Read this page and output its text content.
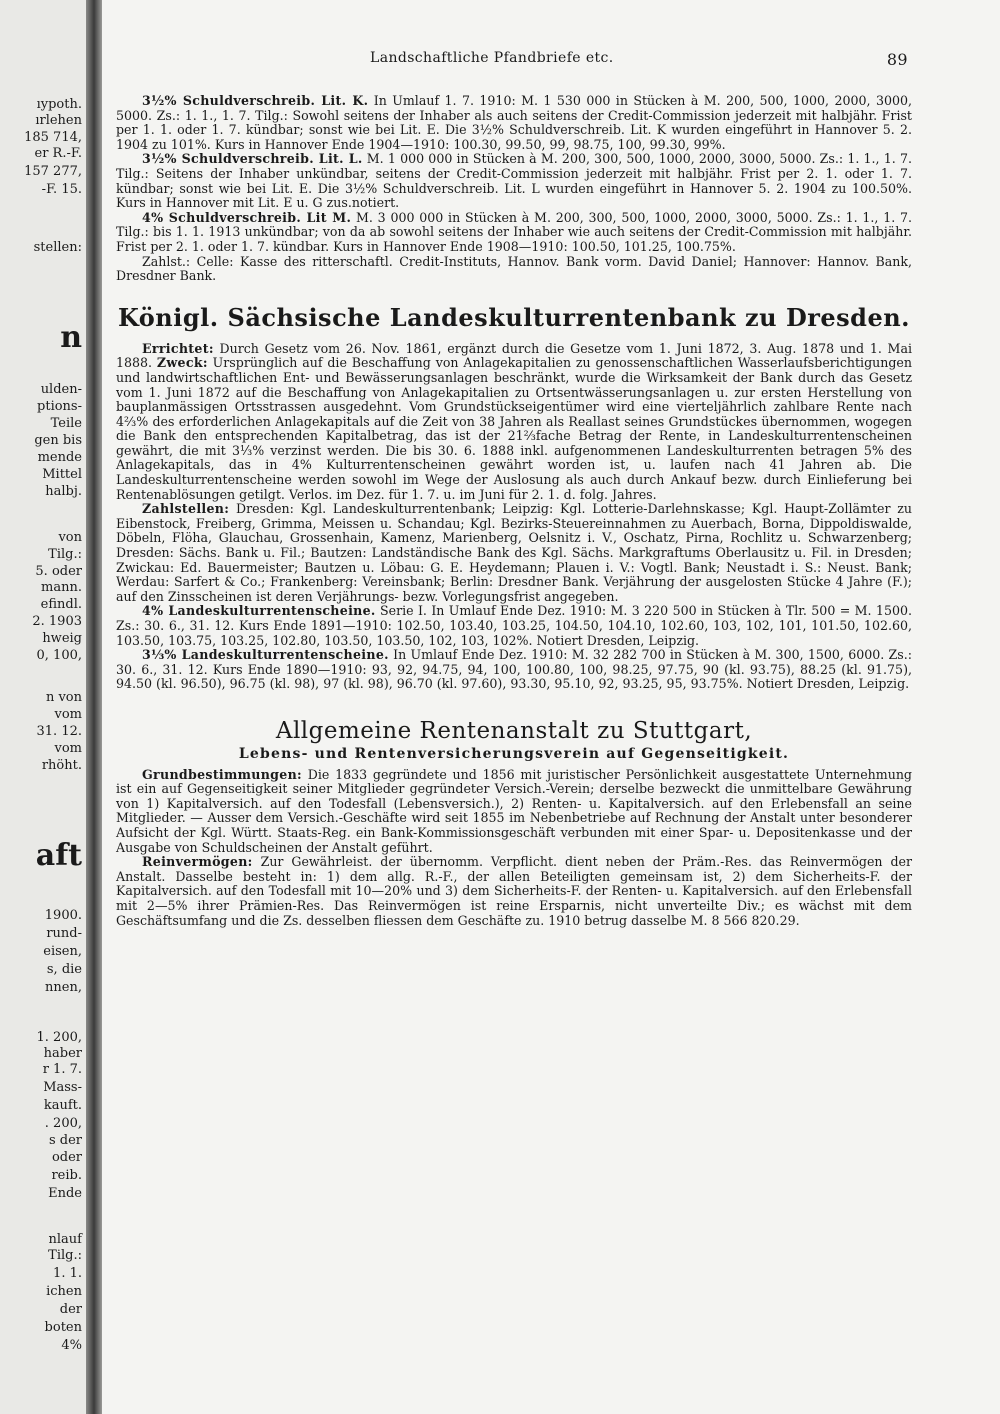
ıypoth.
ırlehen
185 714,
er R.-F.
157 277,
-F. 15.
stellen:
n
ulden-
ptions-
Teile
gen bis
mende
Mittel
halbj.
von
Tilg.:
5. oder
mann.
efindl.
2. 1903
hweig
0, 100,
n von
vom
31. 12.
vom
rhöht.
aft
1900.
rund-
eisen,
s, die
nnen,
1. 200,
haber
r 1. 7.
Mass-
kauft.
. 200,
s der
oder
reib.
Ende
nlauf
Tilg.:
1. 1.
ichen
der
boten
4%
Landschaftliche Pfandbriefe etc.	89

3½% Schuldverschreib. Lit. K. In Umlauf 1. 7. 1910: M. 1 530 000 in Stücken à M. 200, 500, 1000, 2000, 3000, 5000. Zs.: 1. 1., 1. 7. Tilg.: Sowohl seitens der Inhaber als auch seitens der Credit-Commission jederzeit mit halbjähr. Frist per 1. 1. oder 1. 7. kündbar; sonst wie bei Lit. E. Die 3½% Schuldverschreib. Lit. K wurden eingeführt in Hannover 5. 2. 1904 zu 101%. Kurs in Hannover Ende 1904—1910: 100.30, 99.50, 99, 98.75, 100, 99.30, 99%.

3½% Schuldverschreib. Lit. L. M. 1 000 000 in Stücken à M. 200, 300, 500, 1000, 2000, 3000, 5000. Zs.: 1. 1., 1. 7. Tilg.: Seitens der Inhaber unkündbar, seitens der Credit-Commission jederzeit mit halbjähr. Frist per 2. 1. oder 1. 7. kündbar; sonst wie bei Lit. E. Die 3½% Schuldverschreib. Lit. L wurden eingeführt in Hannover 5. 2. 1904 zu 100.50%. Kurs in Hannover mit Lit. E u. G zus.notiert.

4% Schuldverschreib. Lit M. M. 3 000 000 in Stücken à M. 200, 300, 500, 1000, 2000, 3000, 5000. Zs.: 1. 1., 1. 7. Tilg.: bis 1. 1. 1913 unkündbar; von da ab sowohl seitens der Inhaber wie auch seitens der Credit-Commission mit halbjähr. Frist per 2. 1. oder 1. 7. kündbar. Kurs in Hannover Ende 1908—1910: 100.50, 101.25, 100.75%.

Zahlst.: Celle: Kasse des ritterschaftl. Credit-Instituts, Hannov. Bank vorm. David Daniel; Hannover: Hannov. Bank, Dresdner Bank.

Königl. Sächsische Landeskulturrentenbank zu Dresden.

Errichtet: Durch Gesetz vom 26. Nov. 1861, ergänzt durch die Gesetze vom 1. Juni 1872, 3. Aug. 1878 und 1. Mai 1888. Zweck: Ursprünglich auf die Beschaffung von Anlagekapitalien zu genossenschaftlichen Wasserlaufsberichtigungen und landwirtschaftlichen Ent- und Bewässerungsanlagen beschränkt, wurde die Wirksamkeit der Bank durch das Gesetz vom 1. Juni 1872 auf die Beschaffung von Anlagekapitalien zu Ortsentwässerungsanlagen u. zur ersten Herstellung von bauplanmässigen Ortsstrassen ausgedehnt. Vom Grundstückseigentümer wird eine vierteljährlich zahlbare Rente nach 4⅔% des erforderlichen Anlagekapitals auf die Zeit von 38 Jahren als Reallast seines Grundstückes übernommen, wogegen die Bank den entsprechenden Kapitalbetrag, das ist der 21⅔fache Betrag der Rente, in Landeskulturrentenscheinen gewährt, die mit 3⅓% verzinst werden. Die bis 30. 6. 1888 inkl. aufgenommenen Landeskulturrenten betragen 5% des Anlagekapitals, das in 4% Kulturrentenscheinen gewährt worden ist, u. laufen nach 41 Jahren ab. Die Landeskulturrentenscheine werden sowohl im Wege der Auslosung als auch durch Ankauf bezw. durch Einlieferung bei Rentenablösungen getilgt. Verlos. im Dez. für 1. 7. u. im Juni für 2. 1. d. folg. Jahres.

Zahlstellen: Dresden: Kgl. Landeskulturrentenbank; Leipzig: Kgl. Lotterie-Darlehnskasse; Kgl. Haupt-Zollämter zu Eibenstock, Freiberg, Grimma, Meissen u. Schandau; Kgl. Bezirks-Steuereinnahmen zu Auerbach, Borna, Dippoldiswalde, Döbeln, Flöha, Glauchau, Grossenhain, Kamenz, Marienberg, Oelsnitz i. V., Oschatz, Pirna, Rochlitz u. Schwarzenberg; Dresden: Sächs. Bank u. Fil.; Bautzen: Landständische Bank des Kgl. Sächs. Markgraftums Oberlausitz u. Fil. in Dresden; Zwickau: Ed. Bauermeister; Bautzen u. Löbau: G. E. Heydemann; Plauen i. V.: Vogtl. Bank; Neustadt i. S.: Neust. Bank; Werdau: Sarfert & Co.; Frankenberg: Vereinsbank; Berlin: Dresdner Bank. Verjährung der ausgelosten Stücke 4 Jahre (F.); auf den Zinsscheinen ist deren Verjährungs- bezw. Vorlegungsfrist angegeben.

4% Landeskulturrentenscheine. Serie I. In Umlauf Ende Dez. 1910: M. 3 220 500 in Stücken à Tlr. 500 = M. 1500. Zs.: 30. 6., 31. 12. Kurs Ende 1891—1910: 102.50, 103.40, 103.25, 104.50, 104.10, 102.60, 103, 102, 101, 101.50, 102.60, 103.50, 103.75, 103.25, 102.80, 103.50, 103.50, 102, 103, 102%. Notiert Dresden, Leipzig.

3⅓% Landeskulturrentenscheine. In Umlauf Ende Dez. 1910: M. 32 282 700 in Stücken à M. 300, 1500, 6000. Zs.: 30. 6., 31. 12. Kurs Ende 1890—1910: 93, 92, 94.75, 94, 100, 100.80, 100, 98.25, 97.75, 90 (kl. 93.75), 88.25 (kl. 91.75), 94.50 (kl. 96.50), 96.75 (kl. 98), 97 (kl. 98), 96.70 (kl. 97.60), 93.30, 95.10, 92, 93.25, 95, 93.75%. Notiert Dresden, Leipzig.

Allgemeine Rentenanstalt zu Stuttgart,
Lebens- und Rentenversicherungsverein auf Gegenseitigkeit.

Grundbestimmungen: Die 1833 gegründete und 1856 mit juristischer Persönlichkeit ausgestattete Unternehmung ist ein auf Gegenseitigkeit seiner Mitglieder gegründeter Versich.-Verein; derselbe bezweckt die unmittelbare Gewährung von 1) Kapitalversich. auf den Todesfall (Lebensversich.), 2) Renten- u. Kapitalversich. auf den Erlebensfall an seine Mitglieder. — Ausser dem Versich.-Geschäfte wird seit 1855 im Nebenbetriebe auf Rechnung der Anstalt unter besonderer Aufsicht der Kgl. Württ. Staats-Reg. ein Bank-Kommissionsgeschäft verbunden mit einer Spar- u. Depositenkasse und der Ausgabe von Schuldscheinen der Anstalt geführt.

Reinvermögen: Zur Gewährleist. der übernomm. Verpflicht. dient neben der Präm.-Res. das Reinvermögen der Anstalt. Dasselbe besteht in: 1) dem allg. R.-F., der allen Beteiligten gemeinsam ist, 2) dem Sicherheits-F. der Kapitalversich. auf den Todesfall mit 10—20% und 3) dem Sicherheits-F. der Renten- u. Kapitalversich. auf den Erlebensfall mit 2—5% ihrer Prämien-Res. Das Reinvermögen ist reine Ersparnis, nicht unverteilte Div.; es wächst mit dem Geschäftsumfang und die Zs. desselben fliessen dem Geschäfte zu. 1910 betrug dasselbe M. 8 566 820.29.
